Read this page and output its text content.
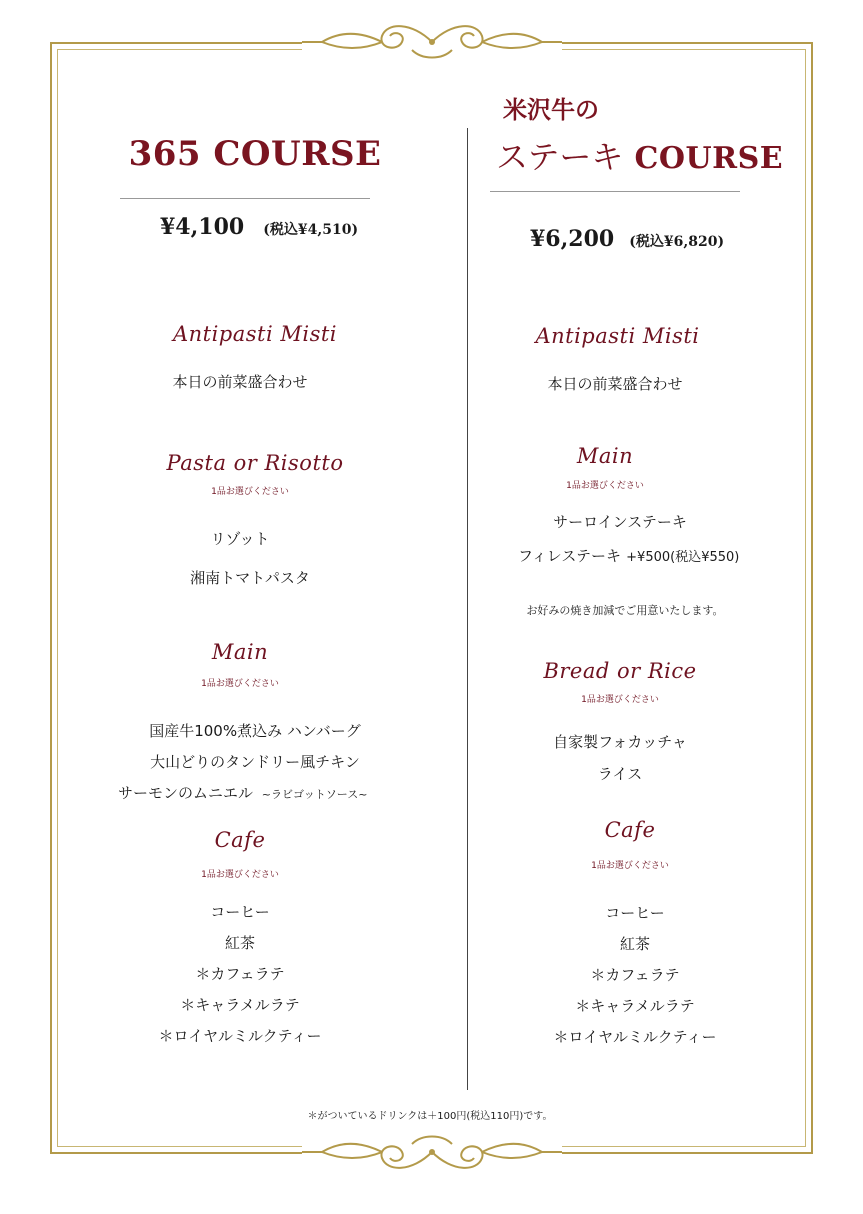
365 COURSE
¥4,100 (税込¥4,510)
Antipasti Misti
本日の前菜盛合わせ
Pasta or Risotto
1品お選びください
リゾット
湘南トマトパスタ
Main
1品お選びください
国産牛100%煮込み ハンバーグ
大山どりのタンドリー風チキン
サーモンのムニエル ~ラビゴットソース~
Cafe
1品お選びください
コーヒー
紅茶
＊カフェラテ
＊キャラメルラテ
＊ロイヤルミルクティー
米沢牛の
ステーキ COURSE
¥6,200 (税込¥6,820)
Antipasti Misti
本日の前菜盛合わせ
Main
1品お選びください
サーロインステーキ
フィレステーキ +¥500(税込¥550)
お好みの焼き加減でご用意いたします。
Bread or Rice
1品お選びください
自家製フォカッチャ
ライス
Cafe
1品お選びください
コーヒー
紅茶
＊カフェラテ
＊キャラメルラテ
＊ロイヤルミルクティー
＊がついているドリンクは＋100円(税込110円)です。
